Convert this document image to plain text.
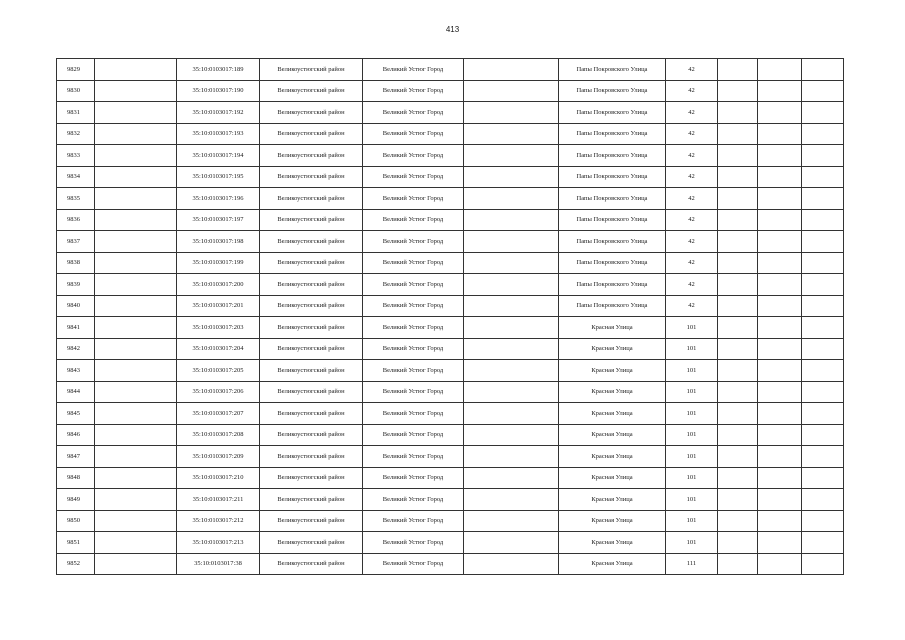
413
9829		35:10:0103017:189	Великоустюгский район	Великий Устюг Город		Папы Покровского Улица	42			
9830		35:10:0103017:190	Великоустюгский район	Великий Устюг Город		Папы Покровского Улица	42			
9831		35:10:0103017:192	Великоустюгский район	Великий Устюг Город		Папы Покровского Улица	42			
9832		35:10:0103017:193	Великоустюгский район	Великий Устюг Город		Папы Покровского Улица	42			
9833		35:10:0103017:194	Великоустюгский район	Великий Устюг Город		Папы Покровского Улица	42			
9834		35:10:0103017:195	Великоустюгский район	Великий Устюг Город		Папы Покровского Улица	42			
9835		35:10:0103017:196	Великоустюгский район	Великий Устюг Город		Папы Покровского Улица	42			
9836		35:10:0103017:197	Великоустюгский район	Великий Устюг Город		Папы Покровского Улица	42			
9837		35:10:0103017:198	Великоустюгский район	Великий Устюг Город		Папы Покровского Улица	42			
9838		35:10:0103017:199	Великоустюгский район	Великий Устюг Город		Папы Покровского Улица	42			
9839		35:10:0103017:200	Великоустюгский район	Великий Устюг Город		Папы Покровского Улица	42			
9840		35:10:0103017:201	Великоустюгский район	Великий Устюг Город		Папы Покровского Улица	42			
9841		35:10:0103017:203	Великоустюгский район	Великий Устюг Город		Красная Улица	101			
9842		35:10:0103017:204	Великоустюгский район	Великий Устюг Город		Красная Улица	101			
9843		35:10:0103017:205	Великоустюгский район	Великий Устюг Город		Красная Улица	101			
9844		35:10:0103017:206	Великоустюгский район	Великий Устюг Город		Красная Улица	101			
9845		35:10:0103017:207	Великоустюгский район	Великий Устюг Город		Красная Улица	101			
9846		35:10:0103017:208	Великоустюгский район	Великий Устюг Город		Красная Улица	101			
9847		35:10:0103017:209	Великоустюгский район	Великий Устюг Город		Красная Улица	101			
9848		35:10:0103017:210	Великоустюгский район	Великий Устюг Город		Красная Улица	101			
9849		35:10:0103017:211	Великоустюгский район	Великий Устюг Город		Красная Улица	101			
9850		35:10:0103017:212	Великоустюгский район	Великий Устюг Город		Красная Улица	101			
9851		35:10:0103017:213	Великоустюгский район	Великий Устюг Город		Красная Улица	101			
9852		35:10:0103017:38	Великоустюгский район	Великий Устюг Город		Красная Улица	111			
